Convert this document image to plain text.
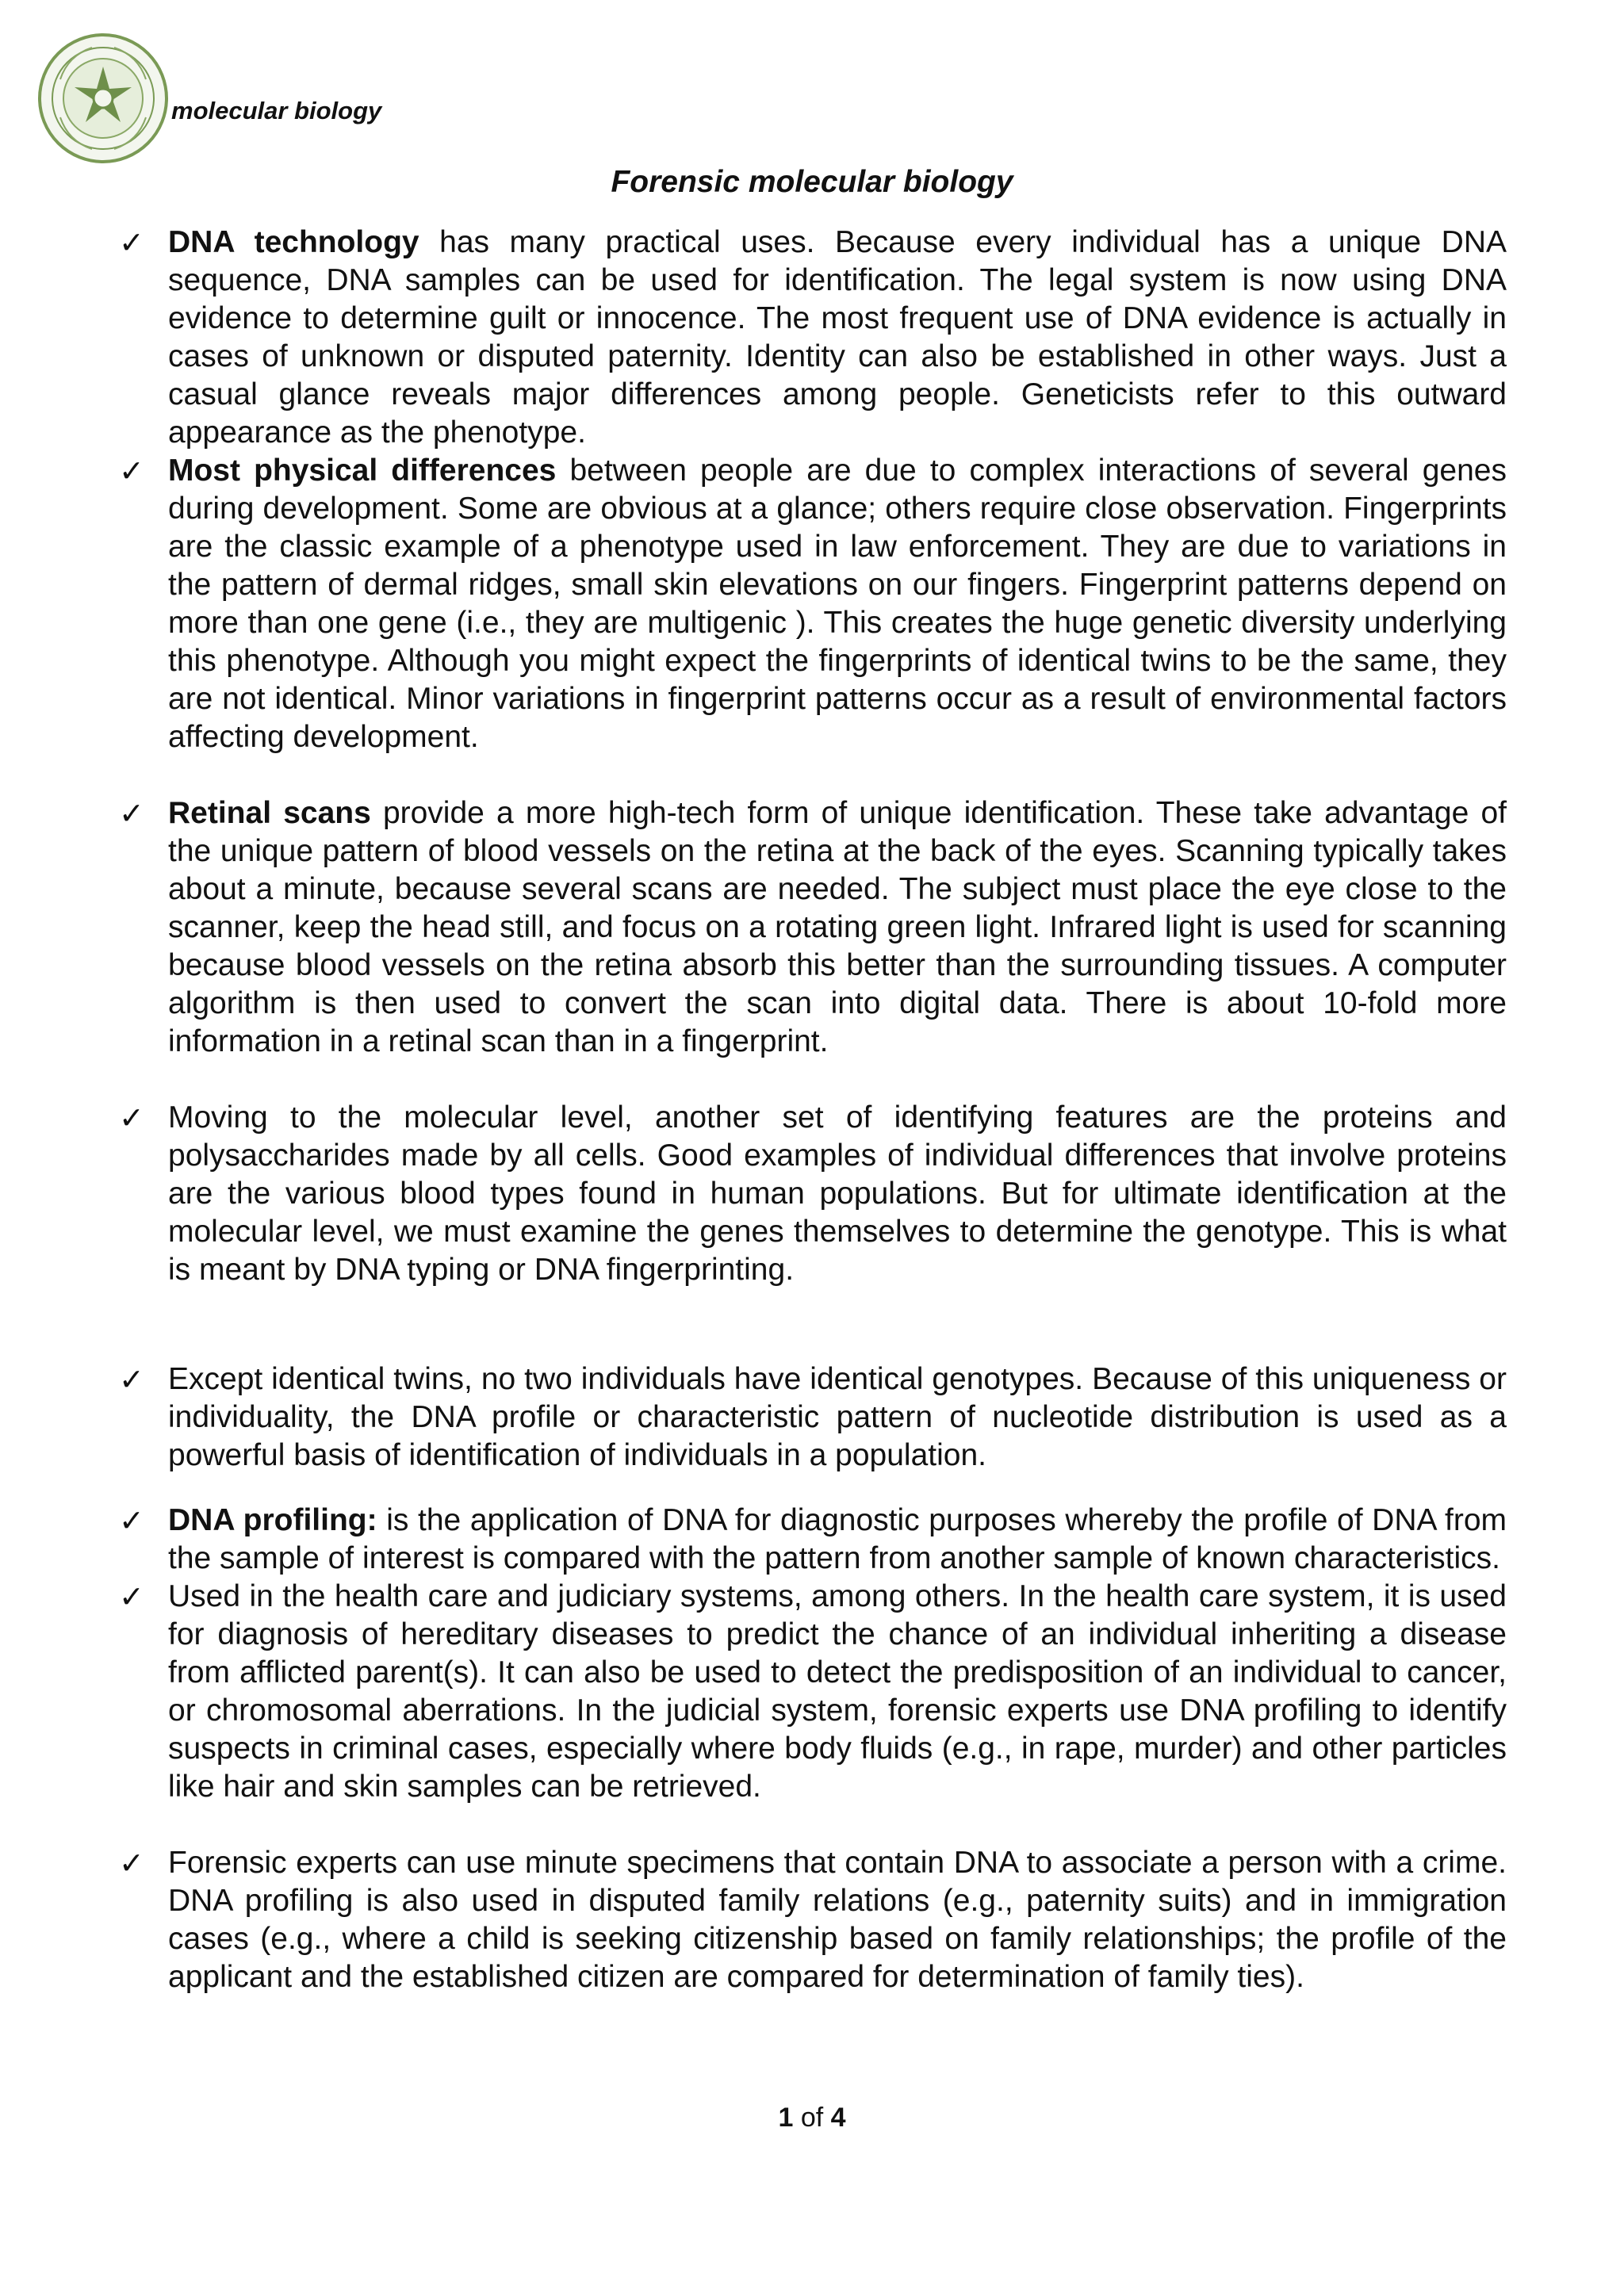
molecular biology
Forensic molecular biology
✓ DNA technology has many practical uses. Because every individual has a unique DNA sequence, DNA samples can be used for identification. The legal system is now using DNA evidence to determine guilt or innocence. The most frequent use of DNA evidence is actually in cases of unknown or disputed paternity. Identity can also be established in other ways. Just a casual glance reveals major differences among people. Geneticists refer to this outward appearance as the phenotype.
✓ Most physical differences between people are due to complex interactions of several genes during development. Some are obvious at a glance; others require close observation. Fingerprints are the classic example of a phenotype used in law enforcement. They are due to variations in the pattern of dermal ridges, small skin elevations on our fingers. Fingerprint patterns depend on more than one gene (i.e., they are multigenic ). This creates the huge genetic diversity underlying this phenotype. Although you might expect the fingerprints of identical twins to be the same, they are not identical. Minor variations in fingerprint patterns occur as a result of environmental factors affecting development.
✓ Retinal scans provide a more high-tech form of unique identification. These take advantage of the unique pattern of blood vessels on the retina at the back of the eyes. Scanning typically takes about a minute, because several scans are needed. The subject must place the eye close to the scanner, keep the head still, and focus on a rotating green light. Infrared light is used for scanning because blood vessels on the retina absorb this better than the surrounding tissues. A computer algorithm is then used to convert the scan into digital data. There is about 10-fold more information in a retinal scan than in a fingerprint.
✓ Moving to the molecular level, another set of identifying features are the proteins and polysaccharides made by all cells. Good examples of individual differences that involve proteins are the various blood types found in human populations. But for ultimate identification at the molecular level, we must examine the genes themselves to determine the genotype. This is what is meant by DNA typing or DNA fingerprinting.
✓ Except identical twins, no two individuals have identical genotypes. Because of this uniqueness or individuality, the DNA profile or characteristic pattern of nucleotide distribution is used as a powerful basis of identification of individuals in a population.
✓ DNA profiling: is the application of DNA for diagnostic purposes whereby the profile of DNA from the sample of interest is compared with the pattern from another sample of known characteristics.
✓ Used in the health care and judiciary systems, among others. In the health care system, it is used for diagnosis of hereditary diseases to predict the chance of an individual inheriting a disease from afflicted parent(s). It can also be used to detect the predisposition of an individual to cancer, or chromosomal aberrations. In the judicial system, forensic experts use DNA profiling to identify suspects in criminal cases, especially where body fluids (e.g., in rape, murder) and other particles like hair and skin samples can be retrieved.
✓ Forensic experts can use minute specimens that contain DNA to associate a person with a crime. DNA profiling is also used in disputed family relations (e.g., paternity suits) and in immigration cases (e.g., where a child is seeking citizenship based on family relationships; the profile of the applicant and the established citizen are compared for determination of family ties).
1 of 4
